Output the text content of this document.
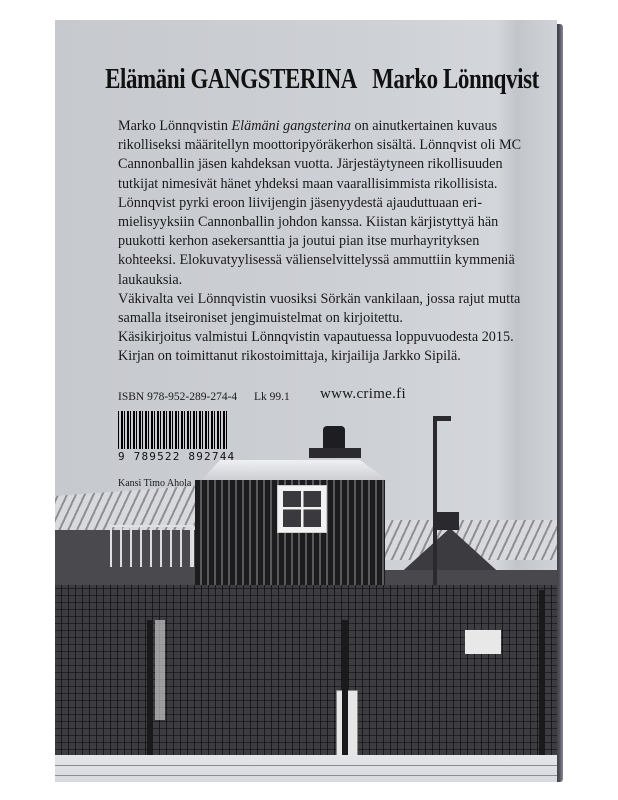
Elämäni GANGSTERINA Marko Lönnqvist

Marko Lönnqvistin Elämäni gangsterina on ainutkertainen kuvaus rikolliseksi määritellyn moottoripyöräkerhon sisältä. Lönnqvist oli MC Cannonballin jäsen kahdeksan vuotta. Järjestäytyneen rikollisuuden tutkijat nimesivät hänet yhdeksi maan vaarallisimmista rikollisista.

Lönnqvist pyrki eroon liivijengin jäsenyydestä ajauduttuaan erimielisyyksiin Cannonballin johdon kanssa. Kiistan kärjistyttyä hän puukotti kerhon asekersanttia ja joutui pian itse murhayrityksen kohteeksi. Elokuvatyylisessä välienselvittelyssä ammuttiin kymmeniä laukauksia.

Väkivalta vei Lönnqvistin vuosiksi Sörkän vankilaan, jossa rajut mutta samalla itseironiset jengimuistelmat on kirjoitettu.

Käsikirjoitus valmistui Lönnqvistin vapautuessa loppuvuodesta 2015.

Kirjan on toimittanut rikostoimittaja, kirjailija Jarkko Sipilä.

ISBN 978-952-289-274-4 Lk 99.1 www.crime.fi
9 789522 892744
Kansi Timo Ahola
